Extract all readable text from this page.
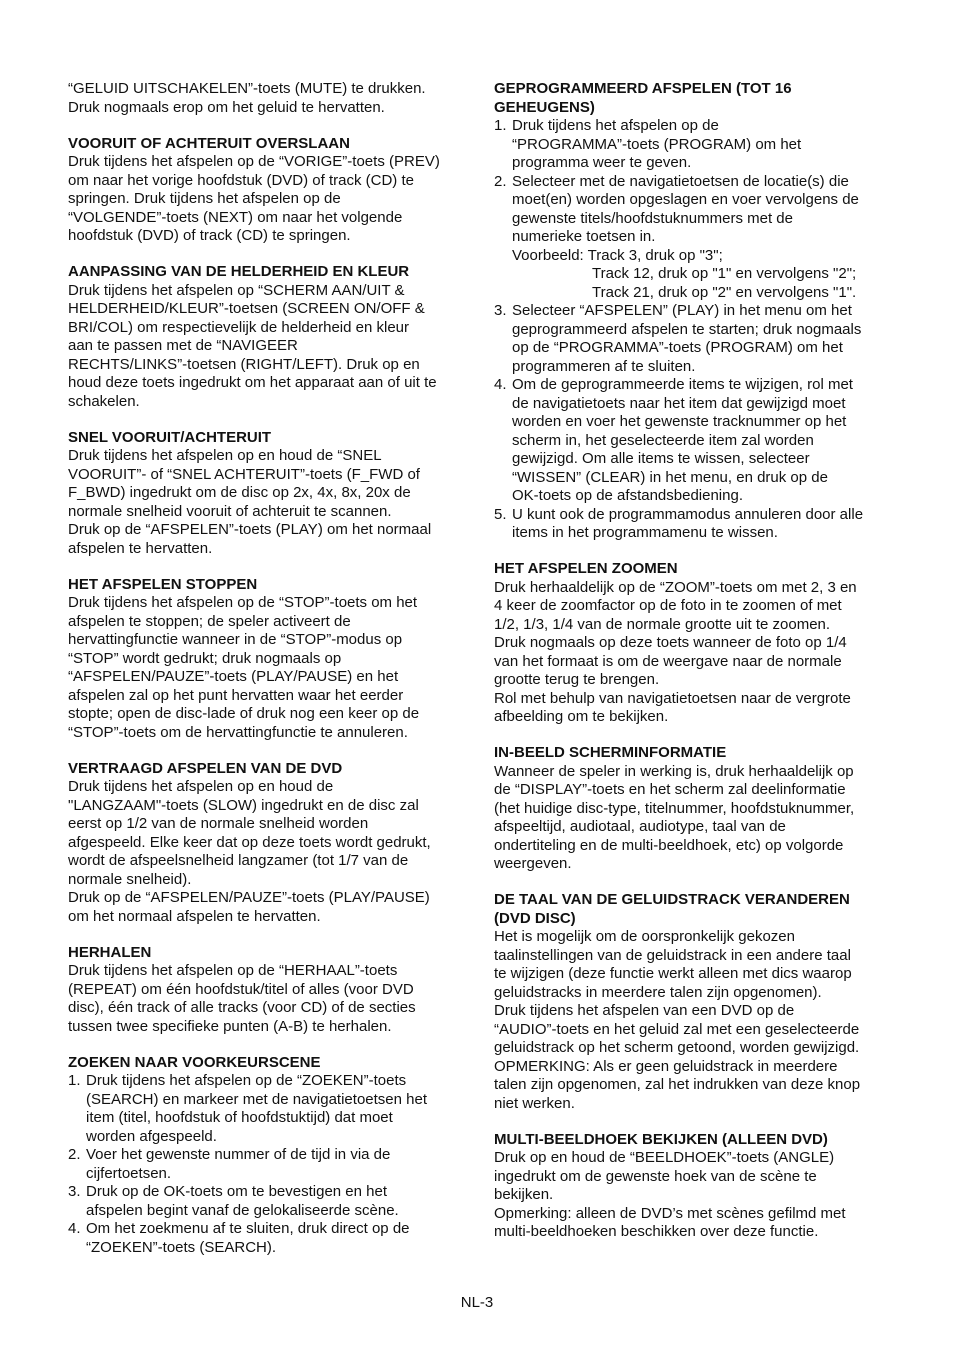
“GELUID UITSCHAKELEN”-toets (MUTE) te drukken.
Druk nogmaals erop om het geluid te hervatten.

VOORUIT OF ACHTERUIT OVERSLAAN

Druk tijdens het afspelen op de “VORIGE”-toets (PREV)
om naar het vorige hoofdstuk (DVD) of track (CD) te
springen. Druk tijdens het afspelen op de
“VOLGENDE”-toets (NEXT) om naar het volgende
hoofdstuk (DVD) of track (CD) te springen.

AANPASSING VAN DE HELDERHEID EN KLEUR

Druk tijdens het afspelen op “SCHERM AAN/UIT &
HELDERHEID/KLEUR”-toetsen (SCREEN ON/OFF &
BRI/COL) om respectievelijk de helderheid en kleur
aan te passen met de “NAVIGEER
RECHTS/LINKS”-toetsen (RIGHT/LEFT). Druk op en
houd deze toets ingedrukt om het apparaat aan of uit te
schakelen.

SNEL VOORUIT/ACHTERUIT

Druk tijdens het afspelen op en houd de “SNEL
VOORUIT”- of “SNEL ACHTERUIT”-toets (F_FWD of
F_BWD) ingedrukt om de disc op 2x, 4x, 8x, 20x de
normale snelheid vooruit of achteruit te scannen.
Druk op de “AFSPELEN”-toets (PLAY) om het normaal
afspelen te hervatten.

HET AFSPELEN STOPPEN

Druk tijdens het afspelen op de “STOP”-toets om het
afspelen te stoppen; de speler activeert de
hervattingfunctie wanneer in de “STOP”-modus op
“STOP” wordt gedrukt; druk nogmaals op
“AFSPELEN/PAUZE”-toets (PLAY/PAUSE) en het
afspelen zal op het punt hervatten waar het eerder
stopte; open de disc-lade of druk nog een keer op de
“STOP”-toets om de hervattingfunctie te annuleren.

VERTRAAGD AFSPELEN VAN DE DVD

Druk tijdens het afspelen op en houd de
"LANGZAAM"-toets (SLOW) ingedrukt en de disc zal
eerst op 1/2 van de normale snelheid worden
afgespeeld. Elke keer dat op deze toets wordt gedrukt,
wordt de afspeelsnelheid langzamer (tot 1/7 van de
normale snelheid).
Druk op de “AFSPELEN/PAUZE”-toets (PLAY/PAUSE)
om het normaal afspelen te hervatten.

HERHALEN

Druk tijdens het afspelen op de “HERHAAL”-toets
(REPEAT) om één hoofdstuk/titel of alles (voor DVD
disc), één track of alle tracks (voor CD) of de secties
tussen twee specifieke punten (A-B) te herhalen.

ZOEKEN NAAR VOORKEURSCENE
1. Druk tijdens het afspelen op de “ZOEKEN”-toets
(SEARCH) en markeer met de navigatietoetsen het
item (titel, hoofdstuk of hoofdstuktijd) dat moet
worden afgespeeld.
2. Voer het gewenste nummer of de tijd in via de
cijfertoetsen.
3. Druk op de OK-toets om te bevestigen en het
afspelen begint vanaf de gelokaliseerde scène.
4. Om het zoekmenu af te sluiten, druk direct op de
“ZOEKEN”-toets (SEARCH).
GEPROGRAMMEERD AFSPELEN (TOT 16
GEHEUGENS)
1. Druk tijdens het afspelen op de
“PROGRAMMA”-toets (PROGRAM) om het
programma weer te geven.
2. Selecteer met de navigatietoetsen de locatie(s) die
moet(en) worden opgeslagen en voer vervolgens de
gewenste titels/hoofdstuknummers met de
numerieke toetsen in.
Voorbeeld: Track 3, druk op "3";
Track 12, druk op "1" en vervolgens "2";
Track 21, druk op "2" en vervolgens "1".
3. Selecteer “AFSPELEN” (PLAY) in het menu om het
geprogrammeerd afspelen te starten; druk nogmaals
op de “PROGRAMMA”-toets (PROGRAM) om het
programmeren af te sluiten.
4. Om de geprogrammeerde items te wijzigen, rol met
de navigatietoets naar het item dat gewijzigd moet
worden en voer het gewenste tracknummer op het
scherm in, het geselecteerde item zal worden
gewijzigd. Om alle items te wissen, selecteer
“WISSEN” (CLEAR) in het menu, en druk op de
OK-toets op de afstandsbediening.
5. U kunt ook de programmamodus annuleren door alle
items in het programmamenu te wissen.
HET AFSPELEN ZOOMEN

Druk herhaaldelijk op de “ZOOM”-toets om met 2, 3 en
4 keer de zoomfactor op de foto in te zoomen of met
1/2, 1/3, 1/4 van de normale grootte uit te zoomen.
Druk nogmaals op deze toets wanneer de foto op 1/4
van het formaat is om de weergave naar de normale
grootte terug te brengen.
Rol met behulp van navigatietoetsen naar de vergrote
afbeelding om te bekijken.

IN-BEELD SCHERMINFORMATIE

Wanneer de speler in werking is, druk herhaaldelijk op
de “DISPLAY”-toets en het scherm zal deelinformatie
(het huidige disc-type, titelnummer, hoofdstuknummer,
afspeeltijd, audiotaal, audiotype, taal van de
ondertiteling en de multi-beeldhoek, etc) op volgorde
weergeven.

DE TAAL VAN DE GELUIDSTRACK VERANDEREN
(DVD DISC)

Het is mogelijk om de oorspronkelijk gekozen
taalinstellingen van de geluidstrack in een andere taal
te wijzigen (deze functie werkt alleen met dics waarop
geluidstracks in meerdere talen zijn opgenomen).
Druk tijdens het afspelen van een DVD op de
“AUDIO”-toets en het geluid zal met een geselecteerde
geluidstrack op het scherm getoond, worden gewijzigd.
OPMERKING: Als er geen geluidstrack in meerdere
talen zijn opgenomen, zal het indrukken van deze knop
niet werken.

MULTI-BEELDHOEK BEKIJKEN (ALLEEN DVD)

Druk op en houd de “BEELDHOEK”-toets (ANGLE)
ingedrukt om de gewenste hoek van de scène te
bekijken.
Opmerking: alleen de DVD’s met scènes gefilmd met
multi-beeldhoeken beschikken over deze functie.

NL-3
